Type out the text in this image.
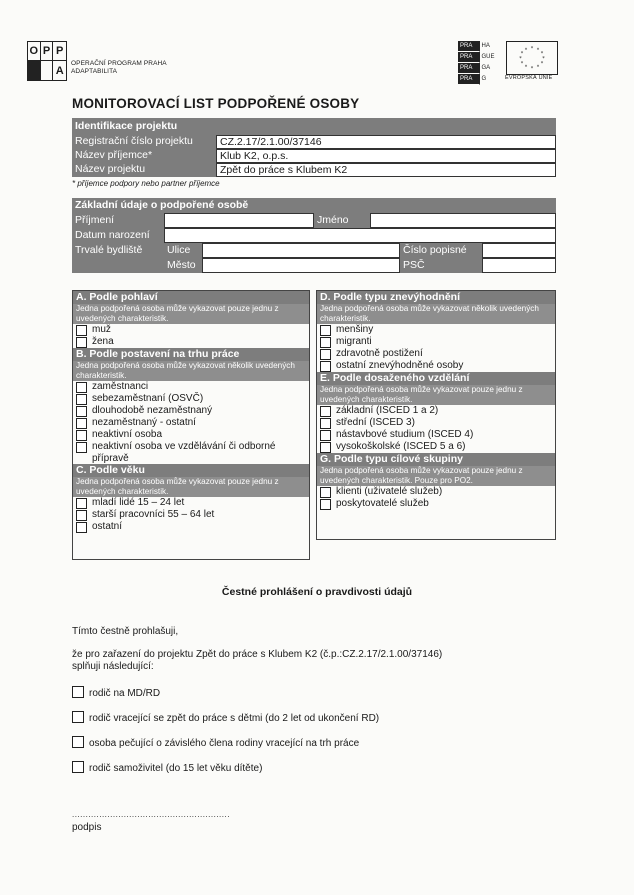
O P P
A
OPERAČNÍ PROGRAM PRAHA
ADAPTABILITA
PRA	HA
PRA	GUE
PRA	GA
PRA	G
* *
*
*
*
*
*
*
*
*
*
*
EVROPSKÁ UNIE
MONITOROVACÍ LIST PODPOŘENÉ OSOBY
Identifikace projektu
Registrační číslo projektu	CZ.2.17/2.1.00/37146
Název příjemce*	Klub K2, o.p.s.
Název projektu	Zpět do práce s Klubem K2
* příjemce podpory nebo partner příjemce
Základní údaje o podpořené osobě
Příjmení	Jméno
Datum narození
Trvalé bydliště	Ulice	Číslo popisné
Město	PSČ
A. Podle pohlaví
Jedna podpořená osoba může vykazovat pouze jednu z uvedených charakteristik.
muž
žena
B. Podle postavení na trhu práce
Jedna podpořená osoba může vykazovat několik uvedených charakteristik.
zaměstnanci
sebezaměstnaní (OSVČ)
dlouhodobě nezaměstnaný
nezaměstnaný - ostatní
neaktivní osoba
neaktivní osoba ve vzdělávání či odborné přípravě
C. Podle věku
Jedna podpořená osoba může vykazovat pouze jednu z uvedených charakteristik.
mladí lidé 15 – 24 let
starší pracovníci 55 – 64 let
ostatní
D. Podle typu znevýhodnění
Jedna podpořená osoba může vykazovat několik uvedených charakteristik.
menšiny
migranti
zdravotně postižení
ostatní znevýhodněné osoby
E. Podle dosaženého vzdělání
Jedna podpořená osoba může vykazovat pouze jednu z uvedených charakteristik.
základní (ISCED 1 a 2)
střední (ISCED 3)
nástavbové studium (ISCED 4)
vysokoškolské (ISCED 5 a 6)
G. Podle typu cílové skupiny
Jedna podpořená osoba může vykazovat pouze jednu z uvedených charakteristik. Pouze pro PO2.
klienti (uživatelé služeb)
poskytovatelé služeb
Čestné prohlášení o pravdivosti údajů
Tímto čestně prohlašuji,
že pro zařazení do projektu Zpět do práce s Klubem K2 (č.p.:CZ.2.17/2.1.00/37146)
splňuji následující:
rodič na MD/RD
rodič vracející se zpět do práce s dětmi (do 2 let od ukončení RD)
osoba pečující o závislého člena rodiny vracející na trh práce
rodič samoživitel (do 15 let věku dítěte)
..........................................................
podpis
